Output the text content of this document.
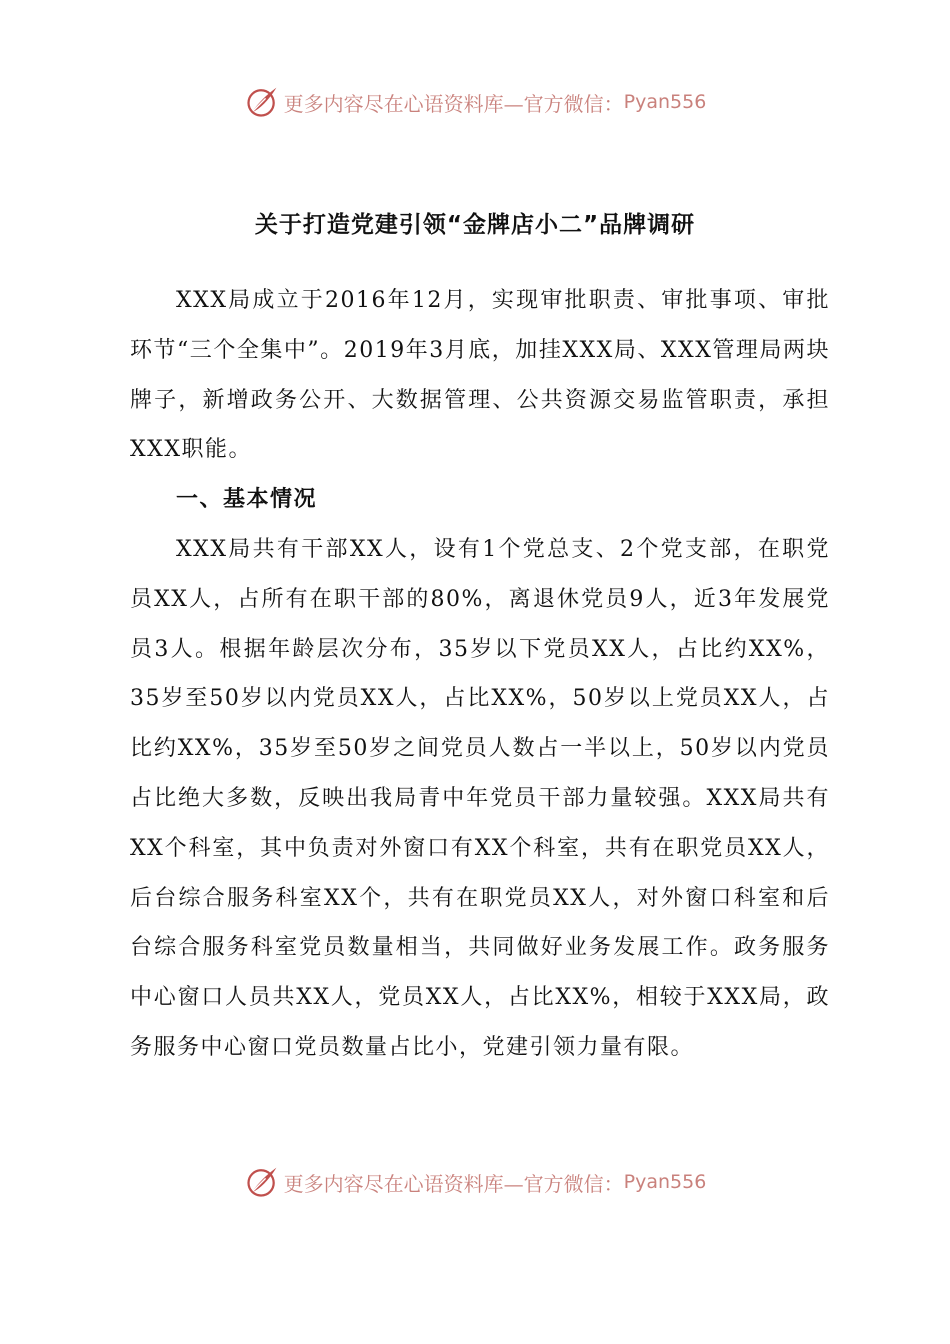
更多内容尽在心语资料库—官方微信： Pyan556
关于打造党建引领“金牌店小二”品牌调研

XXX局成立于2016年12月，实现审批职责、审批事项、审批环节“三个全集中”。2019年3月底，加挂XXX局、XXX管理局两块牌子，新增政务公开、大数据管理、公共资源交易监管职责，承担XXX职能。

一、基本情况

XXX局共有干部XX人，设有1个党总支、2个党支部，在职党员XX人，占所有在职干部的80%，离退休党员9人，近3年发展党员3人。根据年龄层次分布，35岁以下党员XX人，占比约XX%，35岁至50岁以内党员XX人，占比XX%，50岁以上党员XX人，占比约XX%，35岁至50岁之间党员人数占一半以上，50岁以内党员占比绝大多数，反映出我局青中年党员干部力量较强。XXX局共有XX个科室，其中负责对外窗口有XX个科室，共有在职党员XX人，后台综合服务科室XX个，共有在职党员XX人，对外窗口科室和后台综合服务科室党员数量相当，共同做好业务发展工作。政务服务中心窗口人员共XX人，党员XX人，占比XX%，相较于XXX局，政务服务中心窗口党员数量占比小，党建引领力量有限。

更多内容尽在心语资料库—官方微信： Pyan556
